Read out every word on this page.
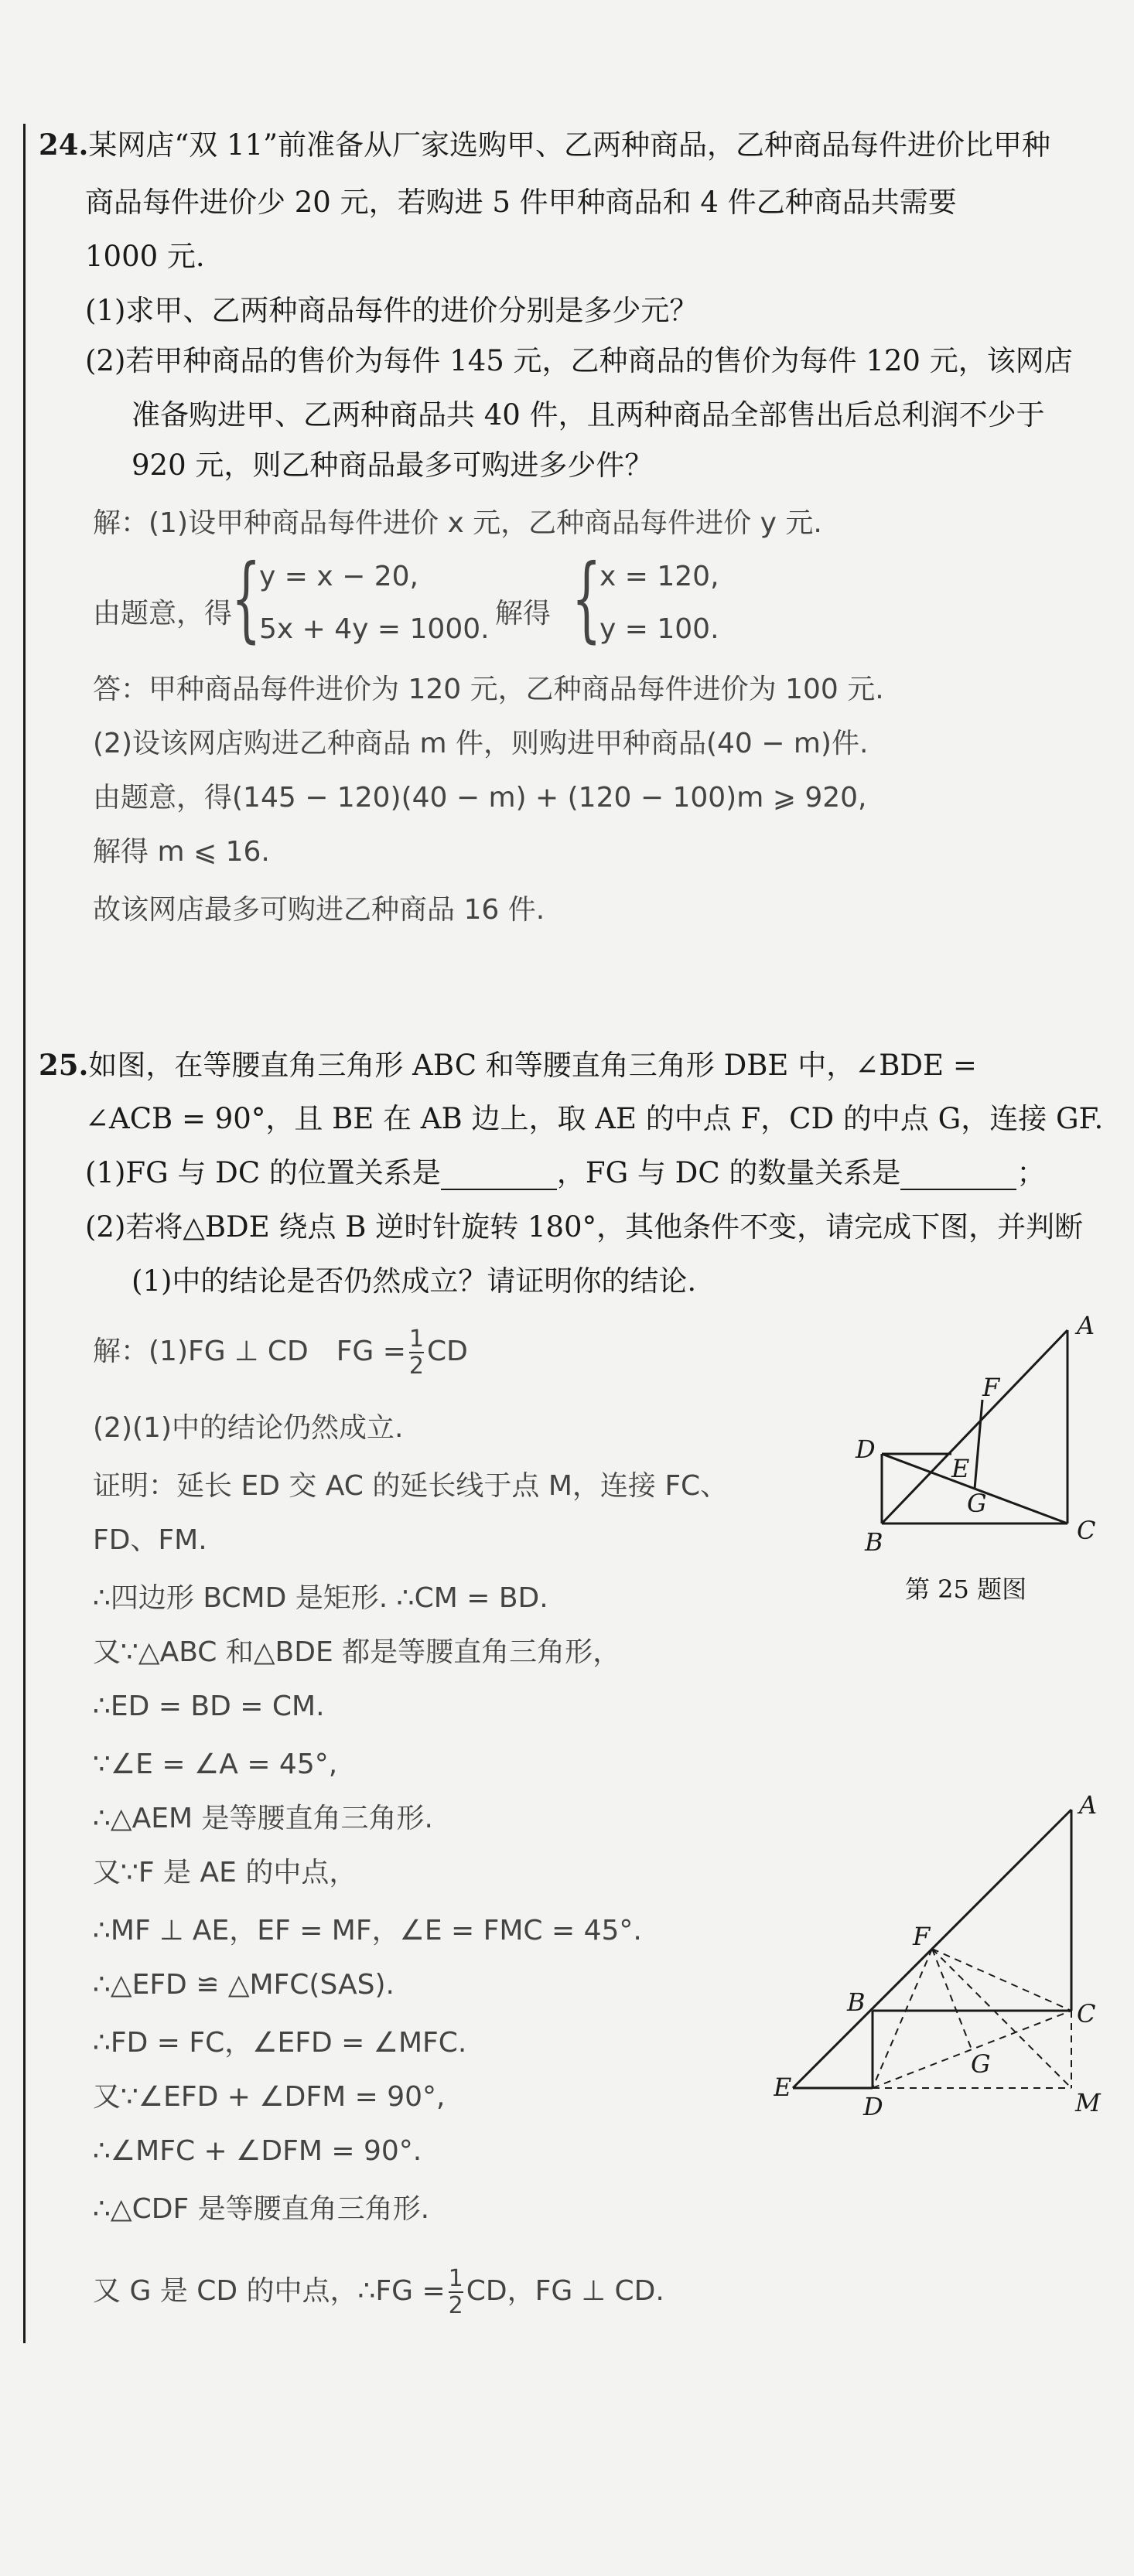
24.某网店“双 11”前准备从厂家选购甲、乙两种商品，乙种商品每件进价比甲种
商品每件进价少 20 元，若购进 5 件甲种商品和 4 件乙种商品共需要
1000 元.
(1)求甲、乙两种商品每件的进价分别是多少元？
(2)若甲种商品的售价为每件 145 元，乙种商品的售价为每件 120 元，该网店
准备购进甲、乙两种商品共 40 件，且两种商品全部售出后总利润不少于
920 元，则乙种商品最多可购进多少件？
解：(1)设甲种商品每件进价 x 元，乙种商品每件进价 y 元.
由题意，得 {
y = x − 20,
5x + 4y = 1000. 解得 {
x = 120,
y = 100.
答：甲种商品每件进价为 120 元，乙种商品每件进价为 100 元.
(2)设该网店购进乙种商品 m 件，则购进甲种商品(40 − m)件.
由题意，得(145 − 120)(40 − m) + (120 − 100)m ⩾ 920,
解得 m ⩽ 16.
故该网店最多可购进乙种商品 16 件.
25.如图，在等腰直角三角形 ABC 和等腰直角三角形 DBE 中，∠BDE =
∠ACB = 90°，且 BE 在 AB 边上，取 AE 的中点 F，CD 的中点 G，连接 GF.
(1)FG 与 DC 的位置关系是	，FG 与 DC 的数量关系是	；
(2)若将△BDE 绕点 B 逆时针旋转 180°，其他条件不变，请完成下图，并判断
(1)中的结论是否仍然成立？请证明你的结论.
解：(1)FG ⊥ CD　FG = $\frac{1}{2}$ CD
(2)(1)中的结论仍然成立.
证明：延长 ED 交 AC 的延长线于点 M，连接 FC、
FD、FM.
∴四边形 BCMD 是矩形. ∴CM = BD.
又∵△ABC 和△BDE 都是等腰直角三角形，
∴ED = BD = CM.
∵∠E = ∠A = 45°,
∴△AEM 是等腰直角三角形.
又∵F 是 AE 的中点，
∴MF ⊥ AE，EF = MF，∠E = FMC = 45°.
∴△EFD ≌ △MFC(SAS).
∴FD = FC，∠EFD = ∠MFC.
又∵∠EFD + ∠DFM = 90°,
∴∠MFC + ∠DFM = 90°.
∴△CDF 是等腰直角三角形.
又 G 是 CD 的中点，∴FG = $\frac{1}{2}$ CD，FG ⊥ CD.
A
B	C
D
E
F
G
第 25 题图
A
B	C
D
E
F
G
M
